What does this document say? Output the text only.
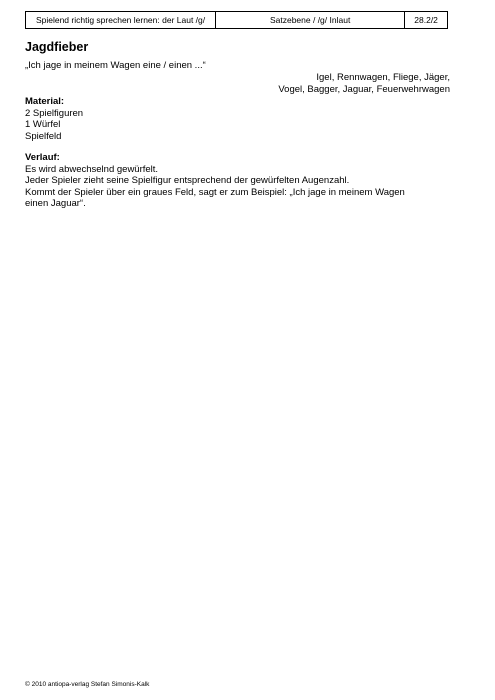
Spielend richtig sprechen lernen: der Laut /g/	Satzebene / /g/ Inlaut	28.2/2
Jagdfieber
„Ich jage in meinem Wagen eine / einen ...“
Igel, Rennwagen, Fliege, Jäger,
Vogel, Bagger, Jaguar, Feuerwehrwagen

Material:

2 Spielfiguren

1 Würfel

Spielfeld

Verlauf:

Es wird abwechselnd gewürfelt.

Jeder Spieler zieht seine Spielfigur entsprechend der gewürfelten Augenzahl.

Kommt der Spieler über ein graues Feld, sagt er zum Beispiel: „Ich jage in meinem Wagen

einen Jaguar“.

© 2010 antiopa-verlag Stefan Simonis-Kalk
